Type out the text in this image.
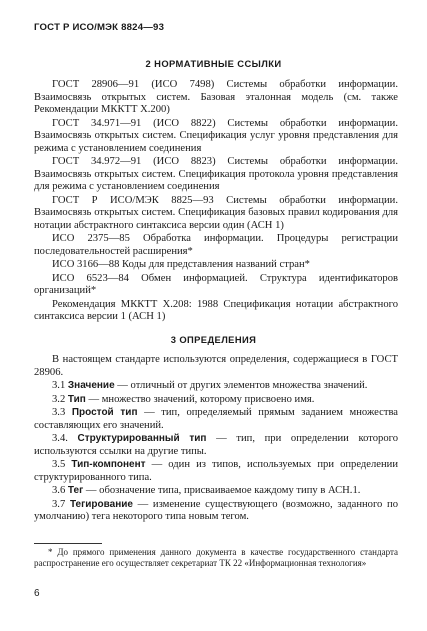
ГОСТ Р ИСО/МЭК 8824—93
2 НОРМАТИВНЫЕ ССЫЛКИ

ГОСТ 28906—91 (ИСО 7498) Системы обработки информации. Взаимосвязь открытых систем. Базовая эталонная модель (см. также Рекомендации МККТТ Х.200)

ГОСТ 34.971—91 (ИСО 8822) Системы обработки информации. Взаимосвязь открытых систем. Спецификация услуг уровня представления для режима с установлением соединения

ГОСТ 34.972—91 (ИСО 8823) Системы обработки информации. Взаимосвязь открытых систем. Спецификация протокола уровня представления для режима с установлением соединения

ГОСТ Р ИСО/МЭК 8825—93 Системы обработки информации. Взаимосвязь открытых систем. Спецификация базовых правил кодирования для нотации абстрактного синтаксиса версии один (АСН 1)

ИСО 2375—85 Обработка информации. Процедуры регистрации последовательностей расширения*

ИСО 3166—88 Коды для представления названий стран*

ИСО 6523—84 Обмен информацией. Структура идентификаторов организаций*

Рекомендация МККТТ Х.208: 1988 Спецификация нотации абстрактного синтаксиса версии 1 (АСН 1)

3 ОПРЕДЕЛЕНИЯ

В настоящем стандарте используются определения, содержащиеся в ГОСТ 28906.

3.1 Значение — отличный от других элементов множества значений.

3.2 Тип — множество значений, которому присвоено имя.

3.3 Простой тип — тип, определяемый прямым заданием множества составляющих его значений.

3.4. Структурированный тип — тип, при определении которого используются ссылки на другие типы.

3.5 Тип-компонент — один из типов, используемых при определении структурированного типа.

3.6 Тег — обозначение типа, присваиваемое каждому типу в АСН.1.

3.7 Тегирование — изменение существующего (возможно, заданного по умолчанию) тега некоторого типа новым тегом.

* До прямого применения данного документа в качестве государственного стандарта распространение его осуществляет секретариат ТК 22 «Информационная технология»
6
